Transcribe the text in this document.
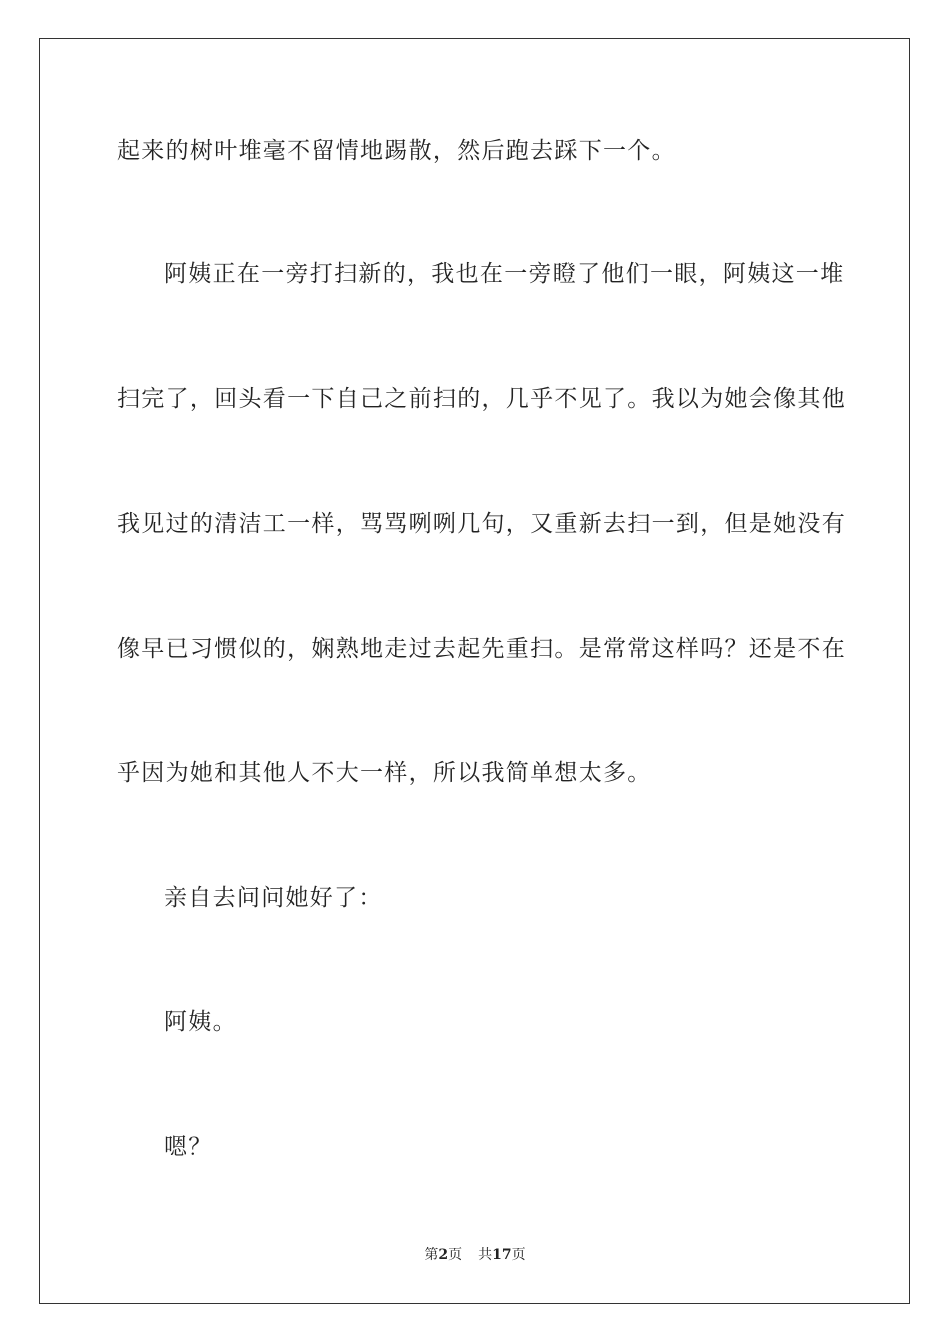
起来的树叶堆毫不留情地踢散，然后跑去踩下一个。
阿姨正在一旁打扫新的，我也在一旁瞪了他们一眼，阿姨这一堆
扫完了，回头看一下自己之前扫的，几乎不见了。我以为她会像其他
我见过的清洁工一样，骂骂咧咧几句，又重新去扫一到，但是她没有
像早已习惯似的，娴熟地走过去起先重扫。是常常这样吗？还是不在
乎因为她和其他人不大一样，所以我简单想太多。
亲自去问问她好了：
阿姨。
嗯？
第2页 共17页
